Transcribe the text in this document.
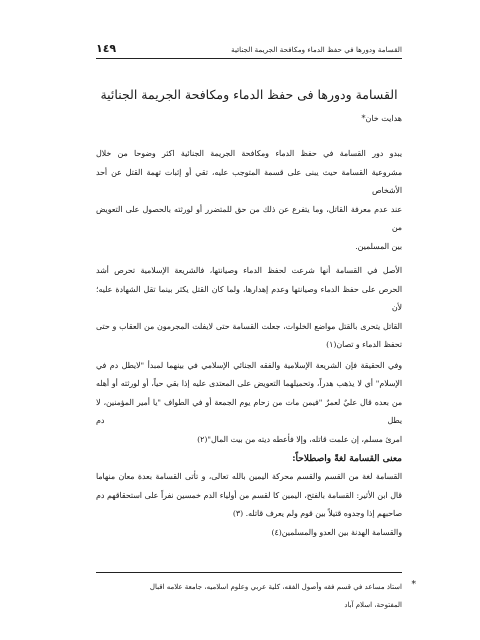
القسامة ودورها في حفظ الدماء ومكافحة الجريمة الجنائية
١٤٩
القسامة ودورها فى حفظ الدماء ومكافحة الجريمة الجنائية
هدايت خان*

يبدو دور القسامة في حفظ الدماء ومكافحة الجريمة الجنائية اكثر وضوحا من خلال

مشروعية القسامة حيث يبنى على قسمة المتوجب عليه، تقي أو إثبات تهمة القتل عن أحد الأشخاص

عند عدم معرفة القاتل، وما يتفرع عن ذلك من حق للمتضرر أو لورثته بالحصول على التعويض من

بين المسلمين.

الأصل في القسامة أنها شرعت لحفظ الدماء وصيانتها، فالشريعة الإسلامية تحرص أشد

الحرص على حفظ الدماء وصيانتها وعدم إهدارها، ولما كان القتل يكثر بينما تقل الشهادة عليه؛ لأن

القاتل يتحرى بالقتل مواضع الخلوات، جعلت القسامة حتى لايفلت المجرمون من العقاب و حتى

تحفظ الدماء و تصان(١)

وفي الحقيقة فإن الشريعة الإسلامية والفقه الجنائي الإسلامي في بينهما لمبدأ "لايطل دم في

الإسلام" أي لا يذهب هدراً، وتحميلهما التعويض على المعتدى عليه إذا بقي حياً، أو لورثته أو أهله

من بعده قال عليٌ لعمرٌ "فيمن مات من زحام يوم الجمعة أو في الطواف "يا أمير المؤمنين، لا يطل دم

امرئ مسلم، إن علمت قاتله، وإلا فأعطه ديته من بيت المال"(٢)

معنى القسامة لغةً واصطلاحاً:

القسامة لغة من القسم والقسم محركة اليمين بالله تعالى، و تأتى القسامة بعدة معان منهاما

قال ابن الأثير: القسامة بالفتح، اليمين كا لقسم من أولياء الدم خمسين نفراً على استحقاقهم دم

صاحبهم إذا وجدوه قتيلاً بين قوم ولم يعرف قاتله. (٣)

والقسامة الهدنة بين العدو والمسلمين(٤)

*
استاذ مساعد في قسم فقه وأصول الفقه، كلية عربي وعلوم اسلاميه، جامعة علامه اقبال
المفتوحة، اسلام آباد
